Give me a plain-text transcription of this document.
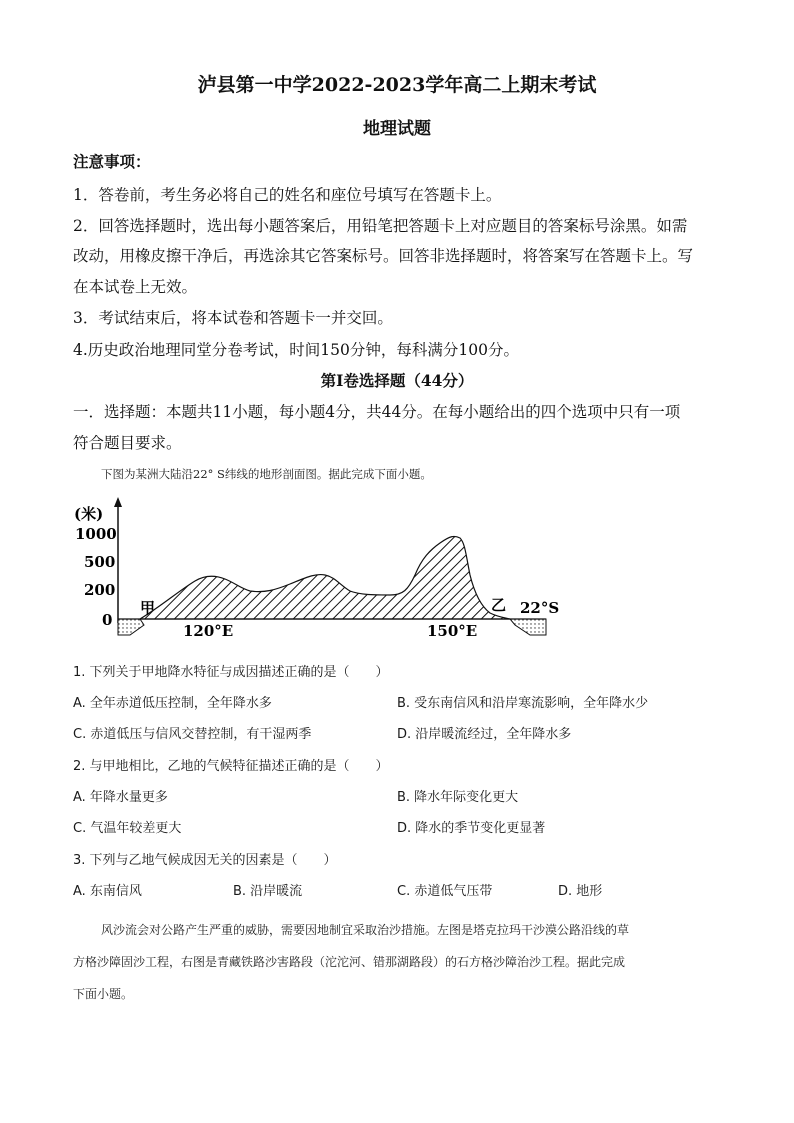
泸县第一中学2022-2023学年高二上期末考试
地理试题
注意事项：
1．答卷前，考生务必将自己的姓名和座位号填写在答题卡上。
2．回答选择题时，选出每小题答案后，用铅笔把答题卡上对应题目的答案标号涂黑。如需
改动，用橡皮擦干净后，再选涂其它答案标号。回答非选择题时，将答案写在答题卡上。写
在本试卷上无效。
3．考试结束后，将本试卷和答题卡一并交回。
4.历史政治地理同堂分卷考试，时间150分钟，每科满分100分。
第I卷选择题（44分）
一．选择题：本题共11小题，每小题4分，共44分。在每小题给出的四个选项中只有一项
符合题目要求。
下图为某洲大陆沿22° S纬线的地形剖面图。据此完成下面小题。
(米)
1000
500
200
0
甲	乙 22°S
120°E	150°E
1. 下列关于甲地降水特征与成因描述正确的是（　　）
A. 全年赤道低压控制，全年降水多	B. 受东南信风和沿岸寒流影响，全年降水少
C. 赤道低压与信风交替控制，有干湿两季	D. 沿岸暖流经过，全年降水多
2. 与甲地相比，乙地的气候特征描述正确的是（　　）
A. 年降水量更多	B. 降水年际变化更大
C. 气温年较差更大	D. 降水的季节变化更显著
3. 下列与乙地气候成因无关的因素是（　　）
A. 东南信风	B. 沿岸暖流	C. 赤道低气压带	D. 地形
风沙流会对公路产生严重的威胁，需要因地制宜采取治沙措施。左图是塔克拉玛干沙漠公路沿线的草
方格沙障固沙工程，右图是青藏铁路沙害路段（沱沱河、错那湖路段）的石方格沙障治沙工程。据此完成
下面小题。
